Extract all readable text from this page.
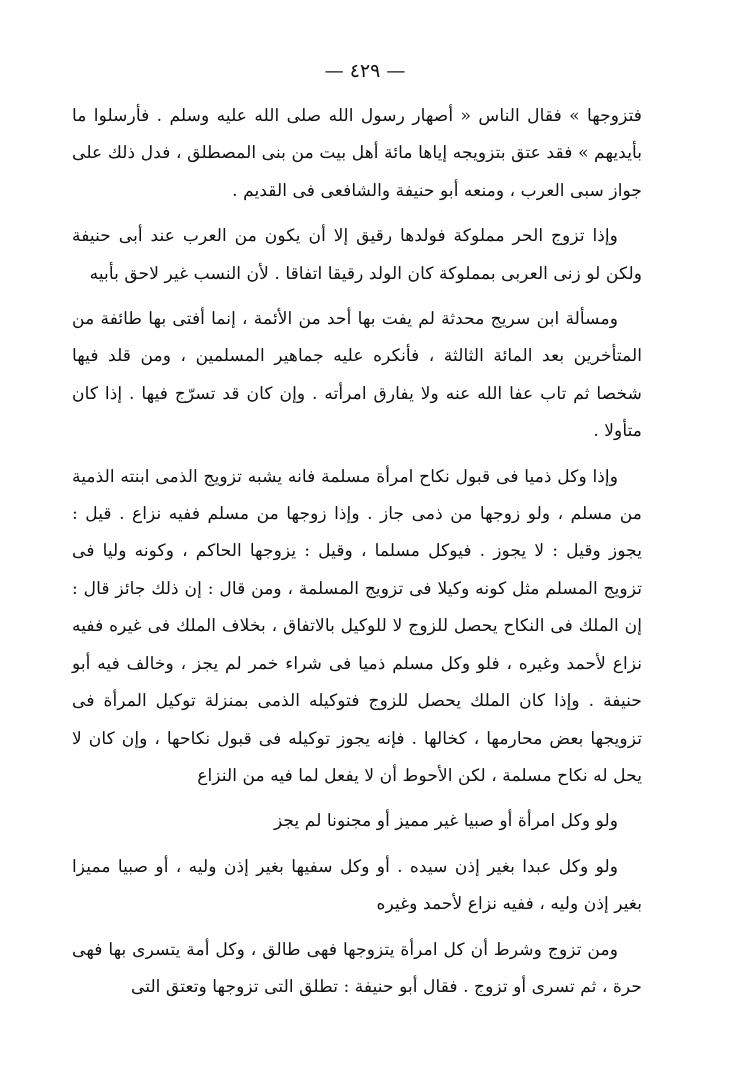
— ٤٢٩ —

فتزوجها » فقال الناس « أصهار رسول الله صلى الله عليه وسلم . فأرسلوا ما بأيديهم » فقد عتق بتزويجه إياها مائة أهل بيت من بنى المصطلق ، فدل ذلك على جواز سبى العرب ، ومنعه أبو حنيفة والشافعى فى القديم .

وإذا تزوج الحر مملوكة فولدها رقيق إلا أن يكون من العرب عند أبى حنيفة ولكن لو زنى العربى بمملوكة كان الولد رقيقا اتفاقا . لأن النسب غير لاحق بأبيه

ومسألة ابن سريج محدثة لم يفت بها أحد من الأئمة ، إنما أفتى بها طائفة من المتأخرين بعد المائة الثالثة ، فأنكره عليه جماهير المسلمين ، ومن قلد فيها شخصا ثم تاب عفا الله عنه ولا يفارق امرأته . وإن كان قد تسرّج فيها . إذا كان متأولا .

وإذا وكل ذميا فى قبول نكاح امرأة مسلمة فانه يشبه تزويج الذمى ابنته الذمية من مسلم ، ولو زوجها من ذمى جاز . وإذا زوجها من مسلم ففيه نزاع . قيل : يجوز وقيل : لا يجوز . فيوكل مسلما ، وقيل : يزوجها الحاكم ، وكونه وليا فى تزويج المسلم مثل كونه وكيلا فى تزويج المسلمة ، ومن قال : إن ذلك جائز قال : إن الملك فى النكاح يحصل للزوج لا للوكيل بالاتفاق ، بخلاف الملك فى غيره ففيه نزاع لأحمد وغيره ، فلو وكل مسلم ذميا فى شراء خمر لم يجز ، وخالف فيه أبو حنيفة . وإذا كان الملك يحصل للزوج فتوكيله الذمى بمنزلة توكيل المرأة فى تزويجها بعض محارمها ، كخالها . فإنه يجوز توكيله فى قبول نكاحها ، وإن كان لا يحل له نكاح مسلمة ، لكن الأحوط أن لا يفعل لما فيه من النزاع

ولو وكل امرأة أو صبيا غير مميز أو مجنونا لم يجز

ولو وكل عبدا بغير إذن سيده . أو وكل سفيها بغير إذن وليه ، أو صبيا مميزا بغير إذن وليه ، ففيه نزاع لأحمد وغيره

ومن تزوج وشرط أن كل امرأة يتزوجها فهى طالق ، وكل أمة يتسرى بها فهى حرة ، ثم تسرى أو تزوج . فقال أبو حنيفة : تطلق التى تزوجها وتعتق التى
